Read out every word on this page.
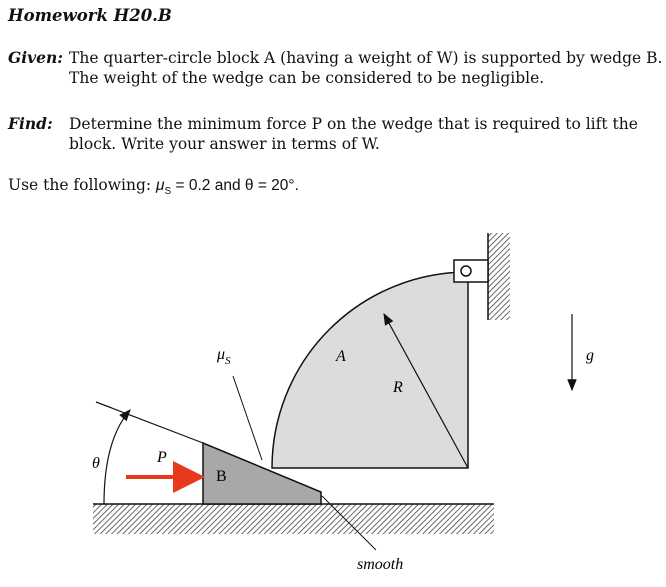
Homework H20.B
Given: The quarter-circle block A (having a weight of W) is supported by wedge B.
The weight of the wedge can be considered to be negligible.
Find: Determine the minimum force P on the wedge that is required to lift the
block. Write your answer in terms of W.
Use the following: $\mu_S = 0.2$ and θ = 20°.
θ	P
B
$\mu_S$	A
R
g
smooth
